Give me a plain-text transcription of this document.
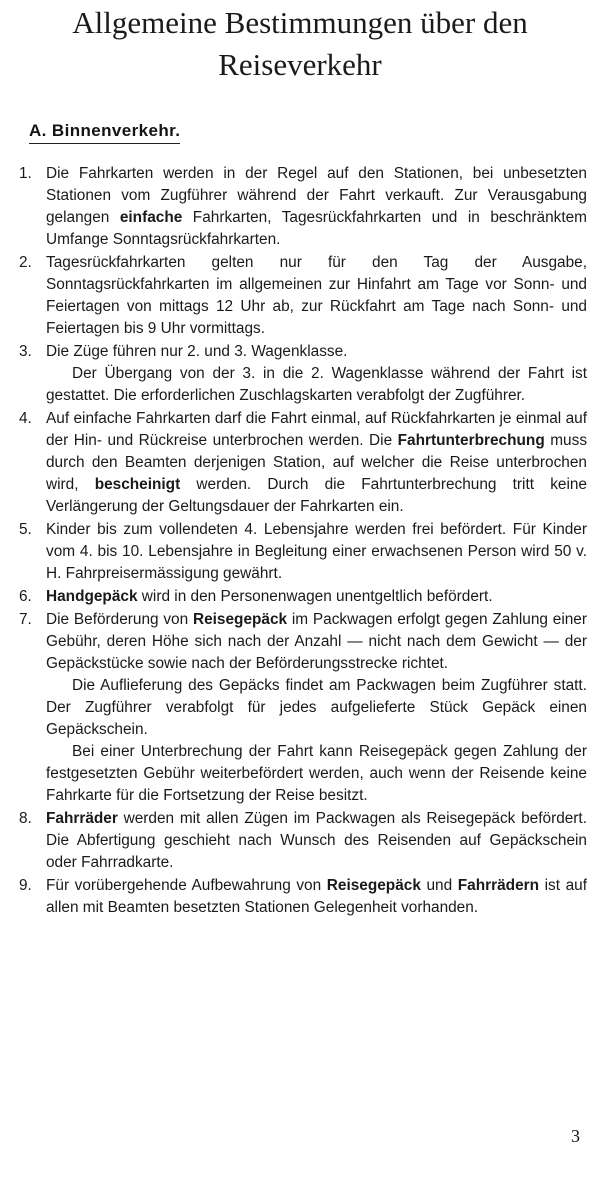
Allgemeine Bestimmungen über den
Reiseverkehr
A. Binnenverkehr.
1. Die Fahrkarten werden in der Regel auf den Stationen, bei unbesetzten Stationen vom Zugführer während der Fahrt verkauft. Zur Verausgabung gelangen einfache Fahrkarten, Tagesrückfahrkarten und in beschränktem Umfange Sonntagsrückfahrkarten.
2. Tagesrückfahrkarten gelten nur für den Tag der Ausgabe, Sonntagsrückfahrkarten im allgemeinen zur Hinfahrt am Tage vor Sonn- und Feiertagen von mittags 12 Uhr ab, zur Rückfahrt am Tage nach Sonn- und Feiertagen bis 9 Uhr vormittags.
3. Die Züge führen nur 2. und 3. Wagenklasse.
Der Übergang von der 3. in die 2. Wagenklasse während der Fahrt ist gestattet. Die erforderlichen Zuschlagskarten verabfolgt der Zugführer.
4. Auf einfache Fahrkarten darf die Fahrt einmal, auf Rückfahrkarten je einmal auf der Hin- und Rückreise unterbrochen werden. Die Fahrtunterbrechung muss durch den Beamten derjenigen Station, auf welcher die Reise unterbrochen wird, bescheinigt werden. Durch die Fahrtunterbrechung tritt keine Verlängerung der Geltungsdauer der Fahrkarten ein.
5. Kinder bis zum vollendeten 4. Lebensjahre werden frei befördert. Für Kinder vom 4. bis 10. Lebensjahre in Begleitung einer erwachsenen Person wird 50 v. H. Fahrpreisermässigung gewährt.
6. Handgepäck wird in den Personenwagen unentgeltlich befördert.
7. Die Beförderung von Reisegepäck im Packwagen erfolgt gegen Zahlung einer Gebühr, deren Höhe sich nach der Anzahl — nicht nach dem Gewicht — der Gepäckstücke sowie nach der Beförderungsstrecke richtet.
Die Auflieferung des Gepäcks findet am Packwagen beim Zugführer statt. Der Zugführer verabfolgt für jedes aufgelieferte Stück Gepäck einen Gepäckschein.
Bei einer Unterbrechung der Fahrt kann Reisegepäck gegen Zahlung der festgesetzten Gebühr weiterbefördert werden, auch wenn der Reisende keine Fahrkarte für die Fortsetzung der Reise besitzt.
8. Fahrräder werden mit allen Zügen im Packwagen als Reisegepäck befördert. Die Abfertigung geschieht nach Wunsch des Reisenden auf Gepäckschein oder Fahrradkarte.
9. Für vorübergehende Aufbewahrung von Reisegepäck und Fahrrädern ist auf allen mit Beamten besetzten Stationen Gelegenheit vorhanden.
3
